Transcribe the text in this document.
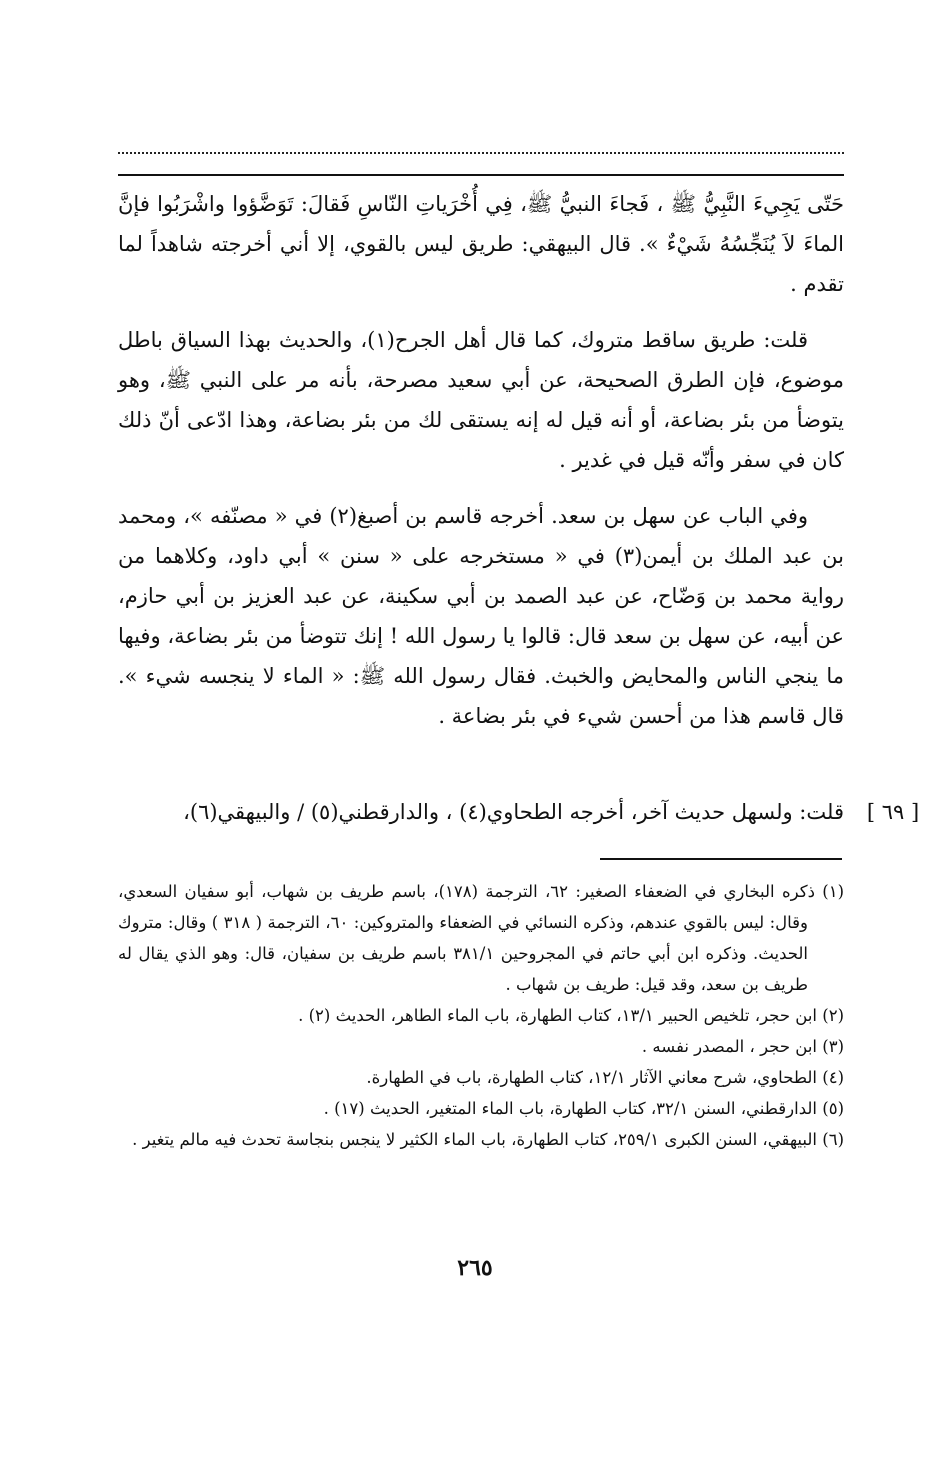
حَتّى يَجِيءَ النَّبِيُّ ﷺ ، فَجاءَ النبيُّ ﷺ، فِي أُخْرَياتِ النّاسِ فَقالَ: تَوَضَّؤوا واشْرَبُوا فإنَّ الماءَ لاَ يُنَجِّسُهُ شَيْءٌ ». قال البيهقي: طريق ليس بالقوي، إلا أني أخرجته شاهداً لما تقدم .

قلت: طريق ساقط متروك، كما قال أهل الجرح(١)، والحديث بهذا السياق باطل موضوع، فإن الطرق الصحيحة، عن أبي سعيد مصرحة، بأنه مر على النبي ﷺ، وهو يتوضأ من بئر بضاعة، أو أنه قيل له إنه يستقى لك من بئر بضاعة، وهذا ادّعى أنّ ذلك كان في سفر وأنّه قيل في غدير .

وفي الباب عن سهل بن سعد. أخرجه قاسم بن أصبغ(٢) في « مصنّفه »، ومحمد بن عبد الملك بن أيمن(٣) في « مستخرجه على « سنن » أبي داود، وكلاهما من رواية محمد بن وَضّاح، عن عبد الصمد بن أبي سكينة، عن عبد العزيز بن أبي حازم، عن أبيه، عن سهل بن سعد قال: قالوا يا رسول الله ! إنك تتوضأ من بئر بضاعة، وفيها ما ينجي الناس والمحايض والخبث. فقال رسول الله ﷺ: « الماء لا ينجسه شيء ». قال قاسم هذا من أحسن شيء في بئر بضاعة .

[ ٦٩ ]
قلت: ولسهل حديث آخر، أخرجه الطحاوي(٤) ، والدارقطني(٥) / والبيهقي(٦)،

(١) ذكره البخاري في الضعفاء الصغير: ٦٢، الترجمة (١٧٨)، باسم طريف بن شهاب، أبو سفيان السعدي، وقال: ليس بالقوي عندهم، وذكره النسائي في الضعفاء والمتروكين: ٦٠، الترجمة ( ٣١٨ ) وقال: متروك الحديث. وذكره ابن أبي حاتم في المجروحين ٣٨١/١ باسم طريف بن سفيان، قال: وهو الذي يقال له طريف بن سعد، وقد قيل: طريف بن شهاب .

(٢) ابن حجر، تلخيص الحبير ١٣/١، كتاب الطهارة، باب الماء الطاهر، الحديث (٢) .

(٣) ابن حجر ، المصدر نفسه .

(٤) الطحاوي، شرح معاني الآثار ١٢/١، كتاب الطهارة، باب في الطهارة.

(٥) الدارقطني، السنن ٣٢/١، كتاب الطهارة، باب الماء المتغير، الحديث (١٧) .

(٦) البيهقي، السنن الكبرى ٢٥٩/١، كتاب الطهارة، باب الماء الكثير لا ينجس بنجاسة تحدث فيه مالم يتغير .

٢٦٥
